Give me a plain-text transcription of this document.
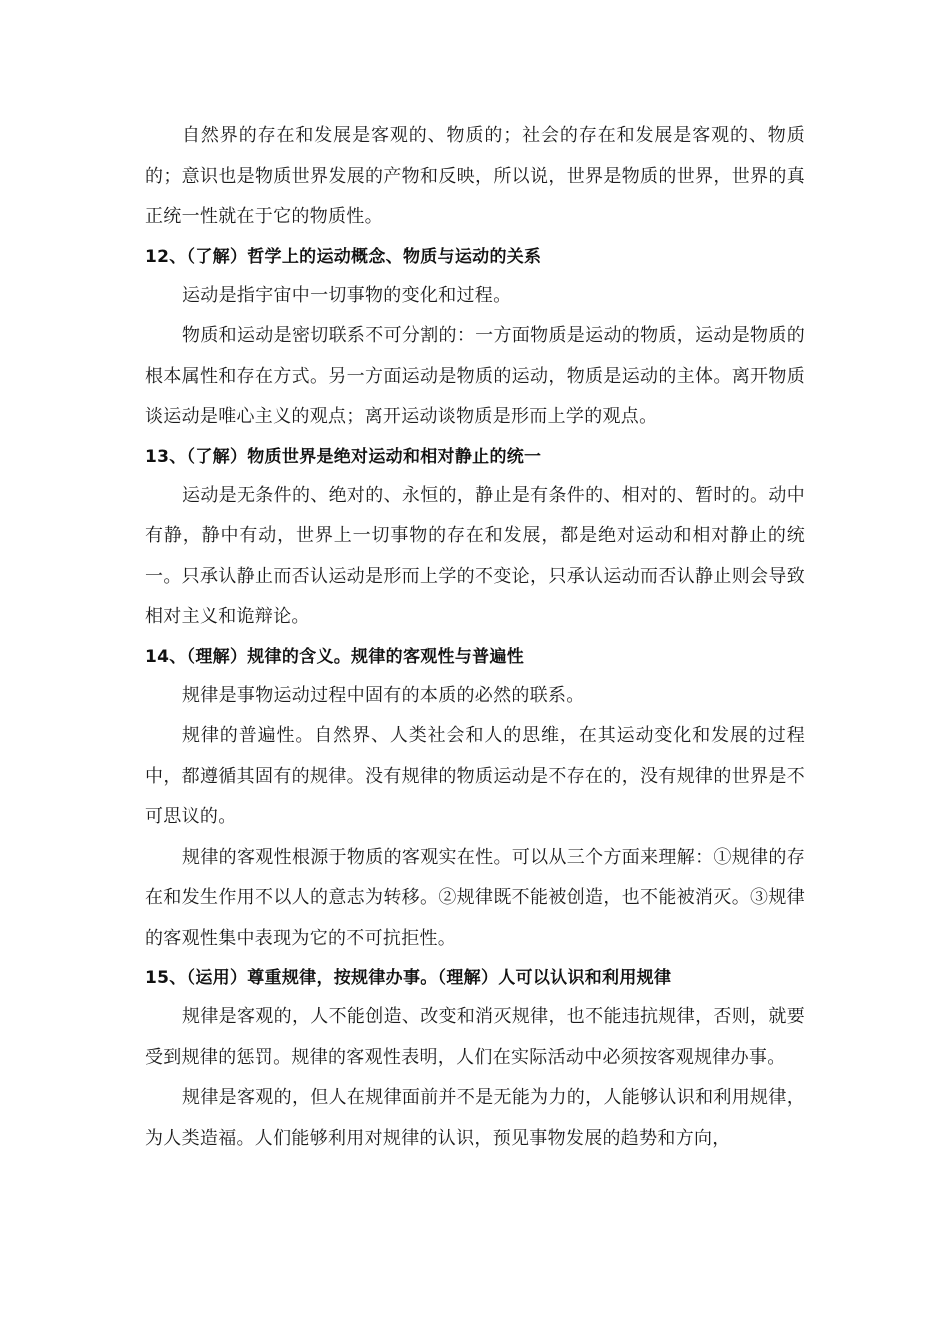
自然界的存在和发展是客观的、物质的；社会的存在和发展是客观的、物质的；意识也是物质世界发展的产物和反映，所以说，世界是物质的世界，世界的真正统一性就在于它的物质性。

12、（了解）哲学上的运动概念、物质与运动的关系

运动是指宇宙中一切事物的变化和过程。

物质和运动是密切联系不可分割的：一方面物质是运动的物质，运动是物质的根本属性和存在方式。另一方面运动是物质的运动，物质是运动的主体。离开物质谈运动是唯心主义的观点；离开运动谈物质是形而上学的观点。

13、（了解）物质世界是绝对运动和相对静止的统一

运动是无条件的、绝对的、永恒的，静止是有条件的、相对的、暂时的。动中有静，静中有动，世界上一切事物的存在和发展，都是绝对运动和相对静止的统一。只承认静止而否认运动是形而上学的不变论，只承认运动而否认静止则会导致相对主义和诡辩论。

14、（理解）规律的含义。规律的客观性与普遍性

规律是事物运动过程中固有的本质的必然的联系。

规律的普遍性。自然界、人类社会和人的思维，在其运动变化和发展的过程中，都遵循其固有的规律。没有规律的物质运动是不存在的，没有规律的世界是不可思议的。

规律的客观性根源于物质的客观实在性。可以从三个方面来理解：①规律的存在和发生作用不以人的意志为转移。②规律既不能被创造，也不能被消灭。③规律的客观性集中表现为它的不可抗拒性。

15、（运用）尊重规律，按规律办事。（理解）人可以认识和利用规律

规律是客观的，人不能创造、改变和消灭规律，也不能违抗规律，否则，就要受到规律的惩罚。规律的客观性表明，人们在实际活动中必须按客观规律办事。

规律是客观的，但人在规律面前并不是无能为力的，人能够认识和利用规律，为人类造福。人们能够利用对规律的认识，预见事物发展的趋势和方向，
